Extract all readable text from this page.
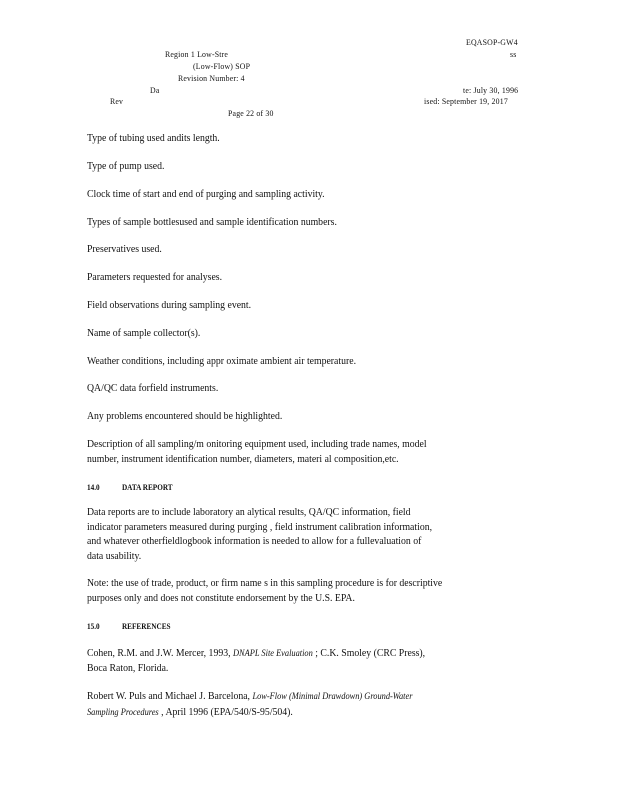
EQASOP-GW4
Region 1 Low-Stre	ss
(Low-Flow) SOP
Revision Number: 4
Da	te: July 30, 1996
Rev	ised: September 19, 2017
Page 22 of 30
Type of tubing used andits length.
Type of pump used.
Clock time of start and end of purging and sampling activity.
Types of sample bottlesused and sample identification numbers.
Preservatives used.
Parameters requested for analyses.
Field observations during sampling event.
Name of sample collector(s).
Weather conditions, including appr oximate ambient air temperature.
QA/QC data forfield instruments.
Any problems encountered should be highlighted.
Description of all sampling/m onitoring equipment used, including trade names, model
number, instrument identification number, diameters, materi al composition,etc.
14.0	DATA REPORT
Data reports are to include laboratory an alytical results, QA/QC information, field
indicator parameters measured during purging , field instrument calibration information,
and whatever otherfieldlogbook information is needed to allow for a fullevaluation of
data usability.
Note: the use of trade, product, or firm name s in this sampling procedure is for descriptive
purposes only and does not constitute endorsement by the U.S. EPA.
15.0	REFERENCES
Cohen, R.M. and J.W. Mercer, 1993, DNAPL Site Evaluation ; C.K. Smoley (CRC Press),
Boca Raton, Florida.
Robert W. Puls and Michael J. Barcelona, Low-Flow (Minimal Drawdown) Ground-Water
Sampling Procedures , April 1996 (EPA/540/S-95/504).
